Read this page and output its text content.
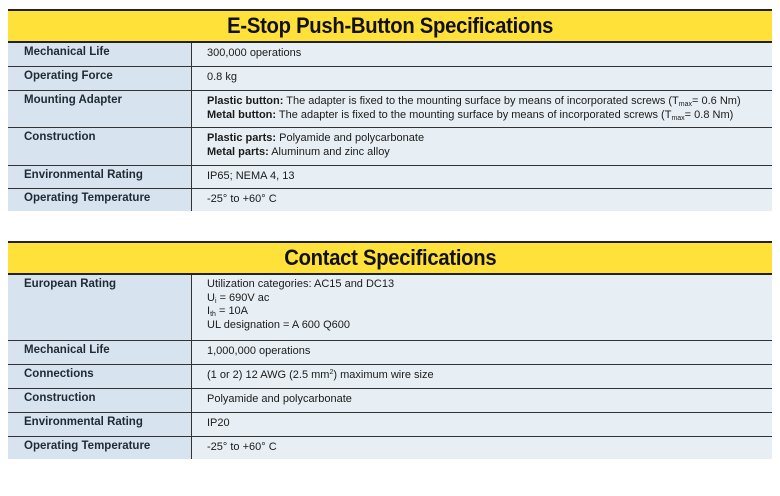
E-Stop Push-Button Specifications
Mechanical Life	300,000 operations
Operating Force	0.8 kg
Mounting Adapter	Plastic button: The adapter is fixed to the mounting surface by means of incorporated screws ($T_{max}= 0.6$ Nm)
Metal button: The adapter is fixed to the mounting surface by means of incorporated screws ($T_{max}= 0.8$ Nm)
Construction	Plastic parts: Polyamide and polycarbonate
Metal parts: Aluminum and zinc alloy
Environmental Rating	IP65; NEMA 4, 13
Operating Temperature	-25° to +60° C
Contact Specifications
European Rating	Utilization categories: AC15 and DC13
$U_i = 690V$ ac
$I_{th} = 10A$
UL designation = A 600 Q600
Mechanical Life	1,000,000 operations
Connections	(1 or 2) 12 AWG (2.5 $mm^2$) maximum wire size
Construction	Polyamide and polycarbonate
Environmental Rating	IP20
Operating Temperature	-25° to +60° C
